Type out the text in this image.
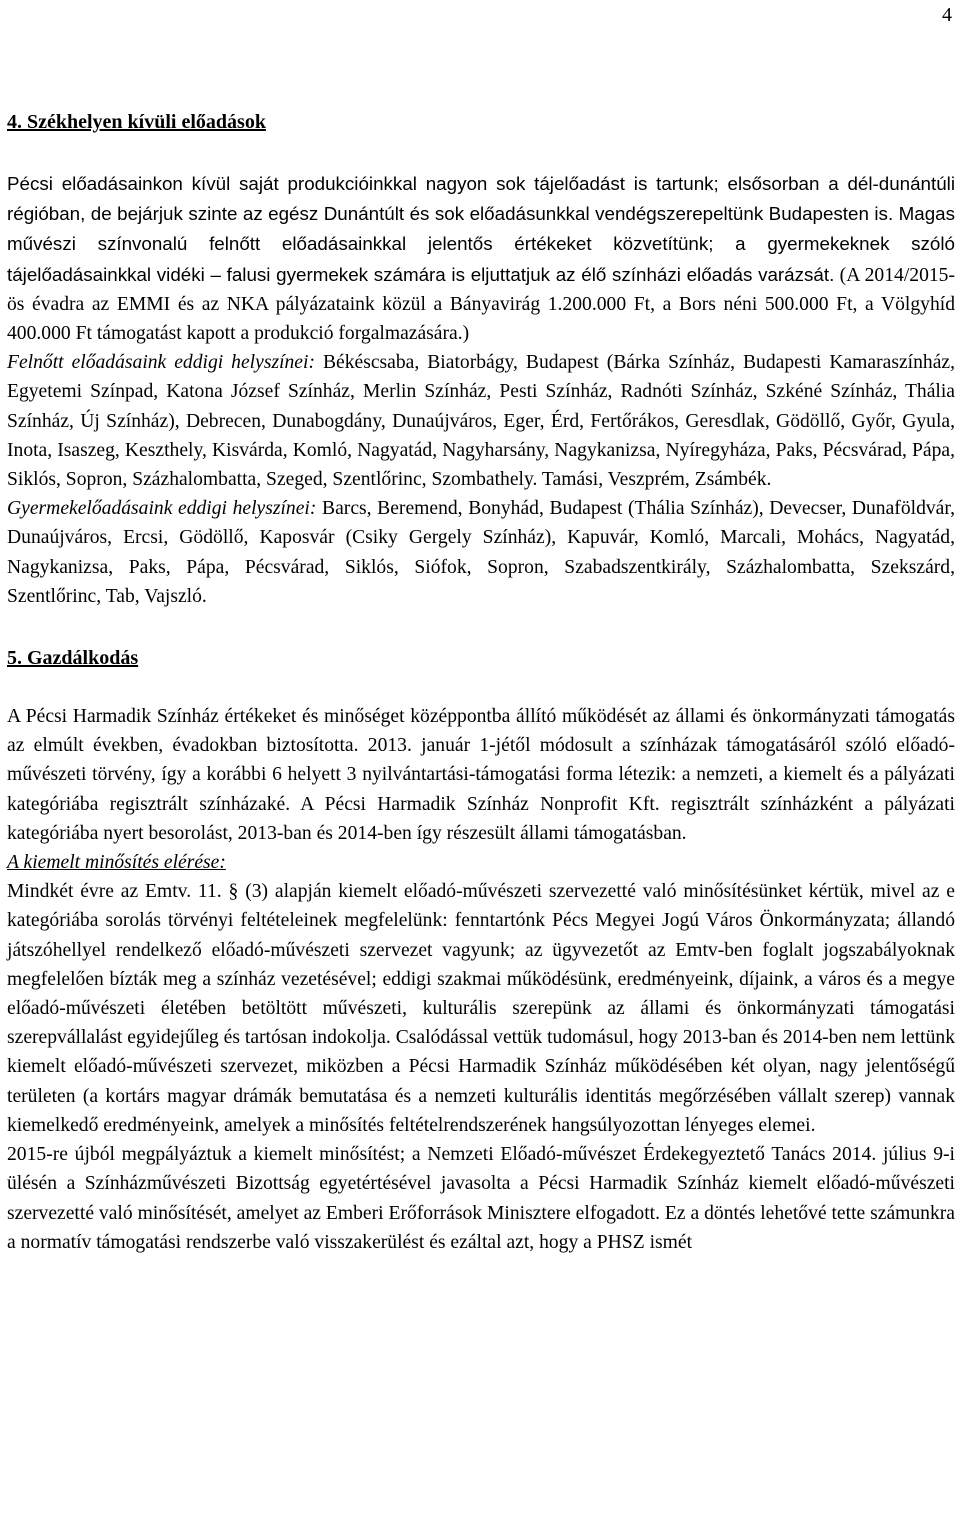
4
4. Székhelyen kívüli előadások

Pécsi előadásainkon kívül saját produkcióinkkal nagyon sok tájelőadást is tartunk; elsősorban a dél-dunántúli régióban, de bejárjuk szinte az egész Dunántúlt és sok előadásunkkal vendégszerepeltünk Budapesten is. Magas művészi színvonalú felnőtt előadásainkkal jelentős értékeket közvetítünk; a gyermekeknek szóló tájelőadásainkkal vidéki – falusi gyermekek számára is eljuttatjuk az élő színházi előadás varázsát. (A 2014/2015-ös évadra az EMMI és az NKA pályázataink közül a Bányavirág 1.200.000 Ft, a Bors néni 500.000 Ft, a Völgyhíd 400.000 Ft támogatást kapott a produkció forgalmazására.)

Felnőtt előadásaink eddigi helyszínei: Békéscsaba, Biatorbágy, Budapest (Bárka Színház, Budapesti Kamaraszínház, Egyetemi Színpad, Katona József Színház, Merlin Színház, Pesti Színház, Radnóti Színház, Szkéné Színház, Thália Színház, Új Színház), Debrecen, Dunabogdány, Dunaújváros, Eger, Érd, Fertőrákos, Geresdlak, Gödöllő, Győr, Gyula, Inota, Isaszeg, Keszthely, Kisvárda, Komló, Nagyatád, Nagyharsány, Nagykanizsa, Nyíregyháza, Paks, Pécsvárad, Pápa, Siklós, Sopron, Százhalombatta, Szeged, Szentlőrinc, Szombathely. Tamási, Veszprém, Zsámbék.

Gyermekelőadásaink eddigi helyszínei: Barcs, Beremend, Bonyhád, Budapest (Thália Színház), Devecser, Dunaföldvár, Dunaújváros, Ercsi, Gödöllő, Kaposvár (Csiky Gergely Színház), Kapuvár, Komló, Marcali, Mohács, Nagyatád, Nagykanizsa, Paks, Pápa, Pécsvárad, Siklós, Siófok, Sopron, Szabadszentkirály, Százhalombatta, Szekszárd, Szentlőrinc, Tab, Vajszló.

5. Gazdálkodás

A Pécsi Harmadik Színház értékeket és minőséget középpontba állító működését az állami és önkormányzati támogatás az elmúlt években, évadokban biztosította. 2013. január 1-jétől módosult a színházak támogatásáról szóló előadó-művészeti törvény, így a korábbi 6 helyett 3 nyilvántartási-támogatási forma létezik: a nemzeti, a kiemelt és a pályázati kategóriába regisztrált színházaké. A Pécsi Harmadik Színház Nonprofit Kft. regisztrált színházként a pályázati kategóriába nyert besorolást, 2013-ban és 2014-ben így részesült állami támogatásban.

A kiemelt minősítés elérése:

Mindkét évre az Emtv. 11. § (3) alapján kiemelt előadó-művészeti szervezetté való minősítésünket kértük, mivel az e kategóriába sorolás törvényi feltételeinek megfelelünk: fenntartónk Pécs Megyei Jogú Város Önkormányzata; állandó játszóhellyel rendelkező előadó-művészeti szervezet vagyunk; az ügyvezetőt az Emtv-ben foglalt jogszabályoknak megfelelően bízták meg a színház vezetésével; eddigi szakmai működésünk, eredményeink, díjaink, a város és a megye előadó-művészeti életében betöltött művészeti, kulturális szerepünk az állami és önkormányzati támogatási szerepvállalást egyidejűleg és tartósan indokolja. Csalódással vettük tudomásul, hogy 2013-ban és 2014-ben nem lettünk kiemelt előadó-művészeti szervezet, miközben a Pécsi Harmadik Színház működésében két olyan, nagy jelentőségű területen (a kortárs magyar drámák bemutatása és a nemzeti kulturális identitás megőrzésében vállalt szerep) vannak kiemelkedő eredményeink, amelyek a minősítés feltételrendszerének hangsúlyozottan lényeges elemei.

2015-re újból megpályáztuk a kiemelt minősítést; a Nemzeti Előadó-művészet Érdekegyeztető Tanács 2014. július 9-i ülésén a Színházművészeti Bizottság egyetértésével javasolta a Pécsi Harmadik Színház kiemelt előadó-művészeti szervezetté való minősítését, amelyet az Emberi Erőforrások Minisztere elfogadott. Ez a döntés lehetővé tette számunkra a normatív támogatási rendszerbe való visszakerülést és ezáltal azt, hogy a PHSZ ismét
